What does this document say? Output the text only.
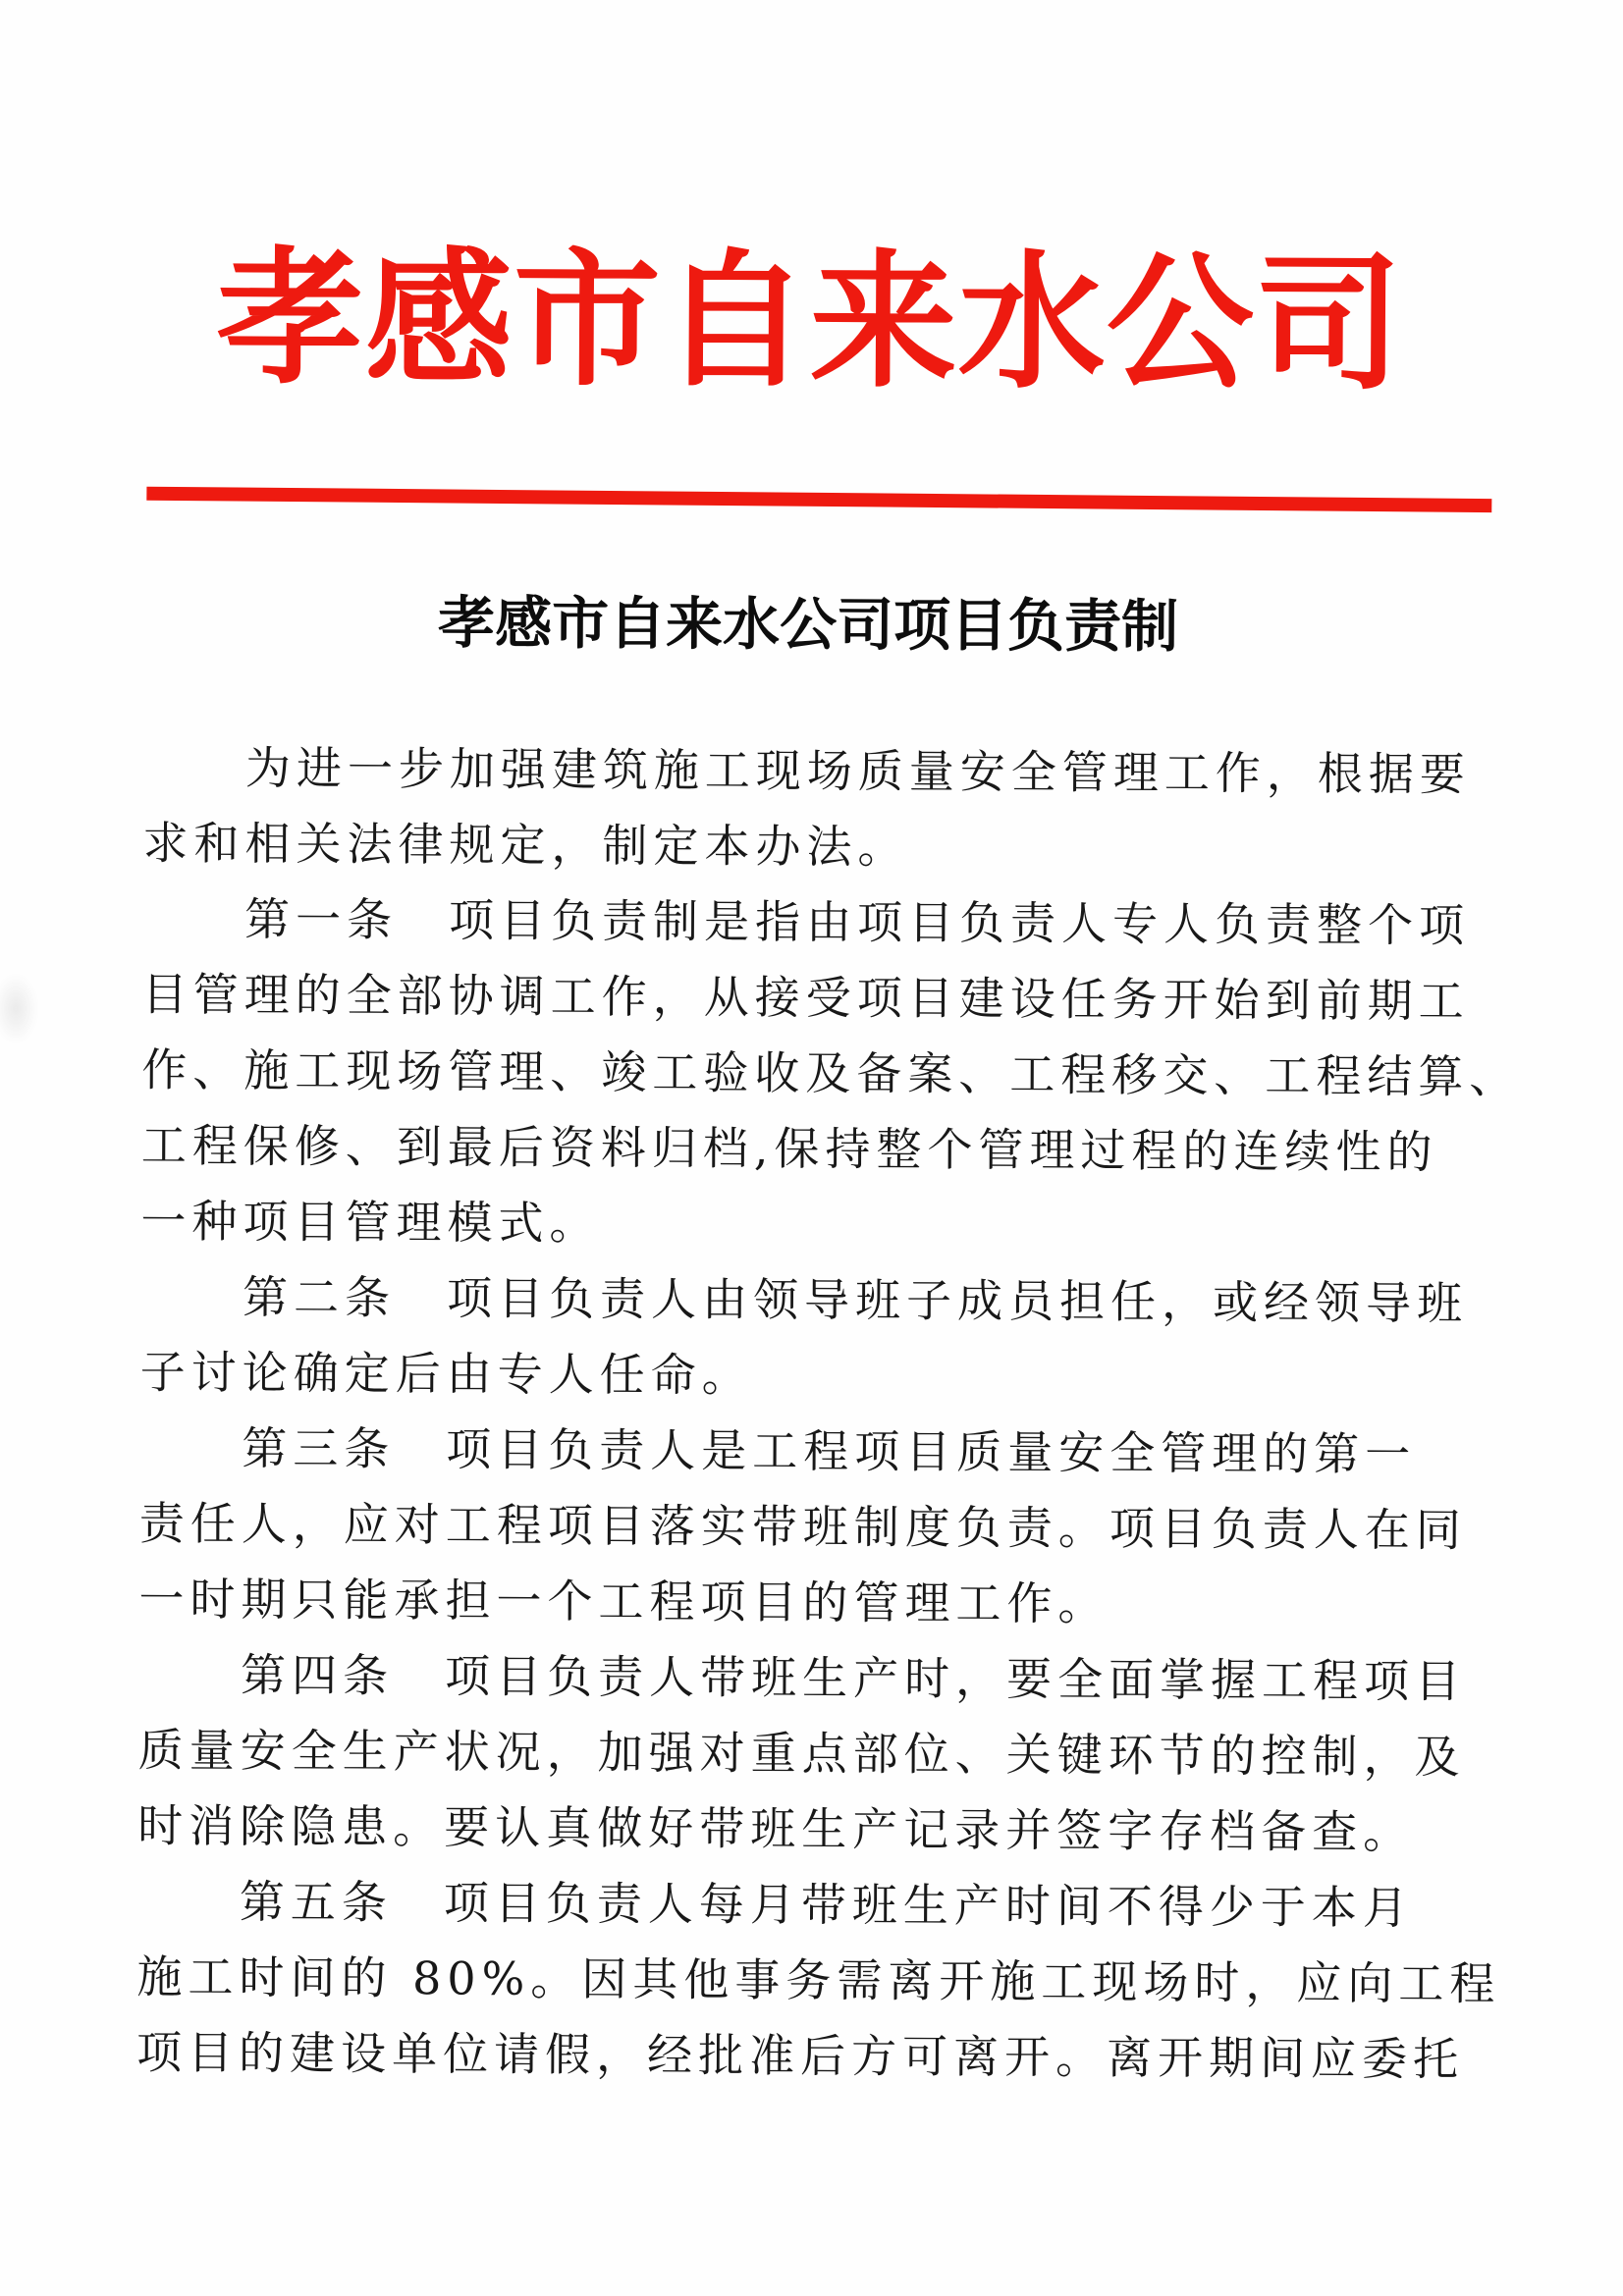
孝感市自来水公司
孝感市自来水公司项目负责制
　　为进一步加强建筑施工现场质量安全管理工作，根据要
求和相关法律规定，制定本办法。
　　第一条　项目负责制是指由项目负责人专人负责整个项
目管理的全部协调工作，从接受项目建设任务开始到前期工
作、施工现场管理、竣工验收及备案、工程移交、工程结算、
工程保修、到最后资料归档,保持整个管理过程的连续性的
一种项目管理模式。
　　第二条　项目负责人由领导班子成员担任，或经领导班
子讨论确定后由专人任命。
　　第三条　项目负责人是工程项目质量安全管理的第一
责任人，应对工程项目落实带班制度负责。项目负责人在同
一时期只能承担一个工程项目的管理工作。
　　第四条　项目负责人带班生产时，要全面掌握工程项目
质量安全生产状况，加强对重点部位、关键环节的控制，及
时消除隐患。要认真做好带班生产记录并签字存档备查。
　　第五条　项目负责人每月带班生产时间不得少于本月
施工时间的 80%。因其他事务需离开施工现场时，应向工程
项目的建设单位请假，经批准后方可离开。离开期间应委托
